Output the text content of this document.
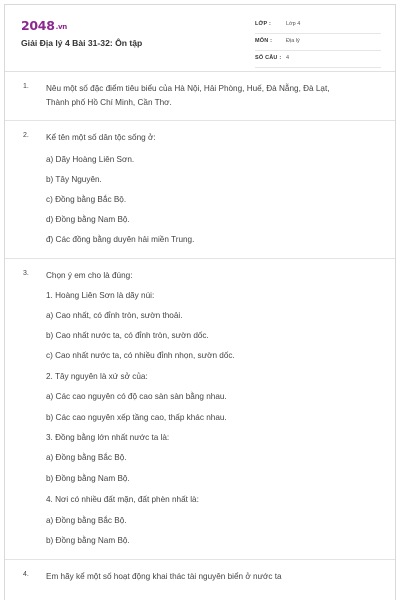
2048.vn
Giải Địa lý 4 Bài 31-32: Ôn tập
LỚP :	Lớp 4
MÔN :	Địa lý
SỐ CÂU : 4
1. Nêu một số đặc điểm tiêu biểu của Hà Nội, Hải Phòng, Huế, Đà Nẵng, Đà Lạt,
Thành phố Hồ Chí Minh, Cần Thơ.
2. Kể tên một số dân tộc sống ở:
a) Dãy Hoàng Liên Sơn.
b) Tây Nguyên.
c) Đồng bằng Bắc Bộ.
d) Đồng bằng Nam Bộ.
đ) Các đồng bằng duyên hải miền Trung.
3. Chọn ý em cho là đúng:
1. Hoàng Liên Sơn là dãy núi:
a) Cao nhất, có đỉnh tròn, sườn thoải.
b) Cao nhất nước ta, có đỉnh tròn, sườn dốc.
c) Cao nhất nước ta, có nhiều đỉnh nhọn, sườn dốc.
2. Tây nguyên là xứ sở của:
a) Các cao nguyên có độ cao sàn sàn bằng nhau.
b) Các cao nguyên xếp tầng cao, thấp khác nhau.
3. Đồng bằng lớn nhất nước ta là:
a) Đồng bằng Bắc Bộ.
b) Đồng bằng Nam Bộ.
4. Nơi có nhiều đất mặn, đất phèn nhất là:
a) Đồng bằng Bắc Bộ.
b) Đồng bằng Nam Bộ.
4. Em hãy kể một số hoạt động khai thác tài nguyên biển ở nước ta
